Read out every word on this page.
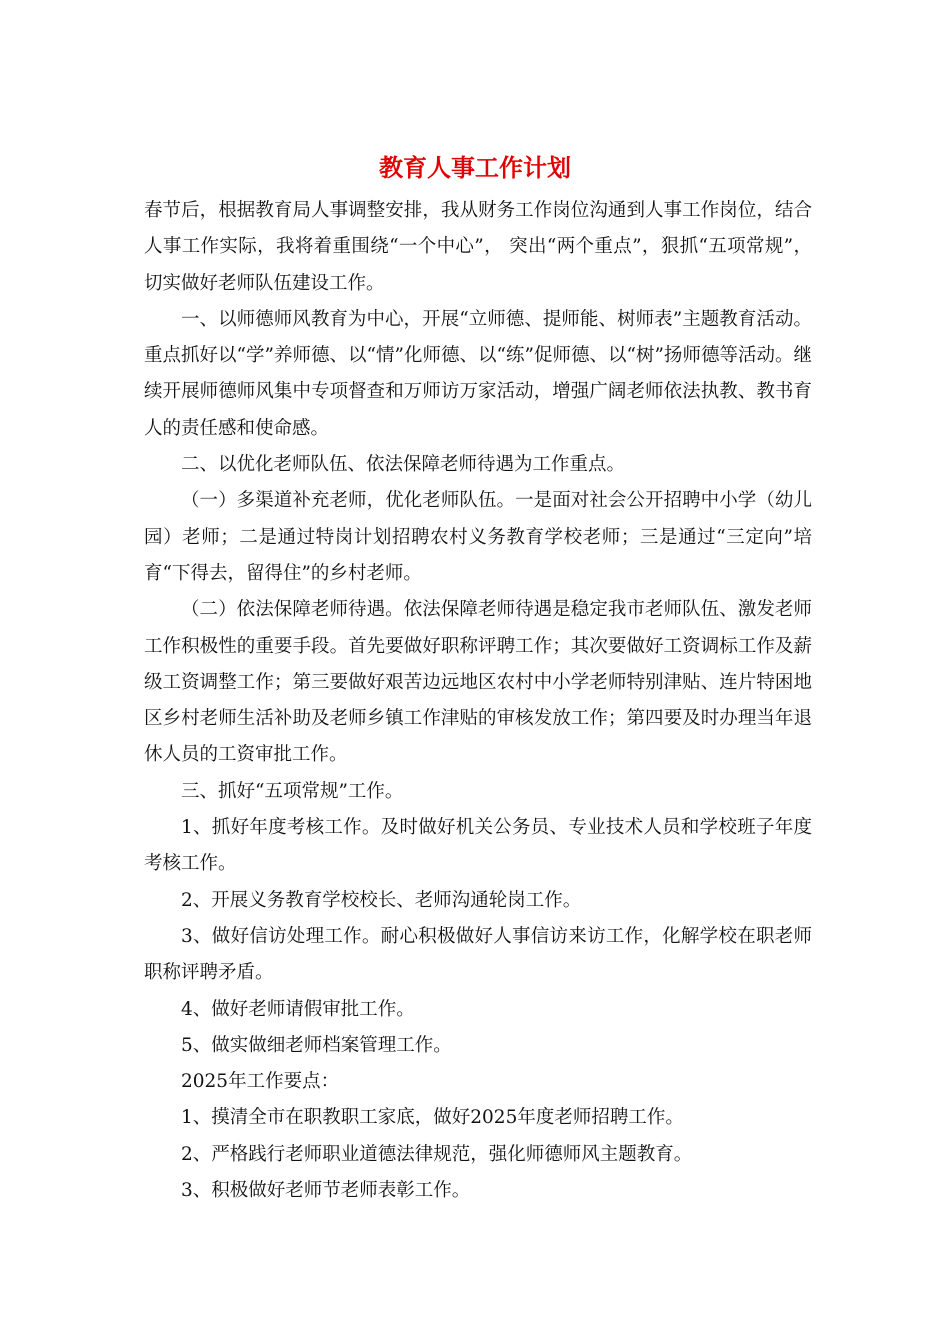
教育人事工作计划

春节后，根据教育局人事调整安排，我从财务工作岗位沟通到人事工作岗位，结合人事工作实际，我将着重围绕“一个中心”， 突出“两个重点”，狠抓“五项常规”，切实做好老师队伍建设工作。

一、以师德师风教育为中心，开展“立师德、提师能、树师表”主题教育活动。重点抓好以“学”养师德、以“情”化师德、以“练”促师德、以“树”扬师德等活动。继续开展师德师风集中专项督查和万师访万家活动，增强广阔老师依法执教、教书育人的责任感和使命感。

二、以优化老师队伍、依法保障老师待遇为工作重点。

（一）多渠道补充老师，优化老师队伍。一是面对社会公开招聘中小学（幼儿园）老师；二是通过特岗计划招聘农村义务教育学校老师；三是通过“三定向”培育“下得去，留得住”的乡村老师。

（二）依法保障老师待遇。依法保障老师待遇是稳定我市老师队伍、激发老师工作积极性的重要手段。首先要做好职称评聘工作；其次要做好工资调标工作及薪级工资调整工作；第三要做好艰苦边远地区农村中小学老师特别津贴、连片特困地区乡村老师生活补助及老师乡镇工作津贴的审核发放工作；第四要及时办理当年退休人员的工资审批工作。

三、抓好“五项常规”工作。

1、抓好年度考核工作。及时做好机关公务员、专业技术人员和学校班子年度考核工作。

2、开展义务教育学校校长、老师沟通轮岗工作。

3、做好信访处理工作。耐心积极做好人事信访来访工作，化解学校在职老师职称评聘矛盾。

4、做好老师请假审批工作。

5、做实做细老师档案管理工作。

2025年工作要点：

1、摸清全市在职教职工家底，做好2025年度老师招聘工作。

2、严格践行老师职业道德法律规范，强化师德师风主题教育。

3、积极做好老师节老师表彰工作。
